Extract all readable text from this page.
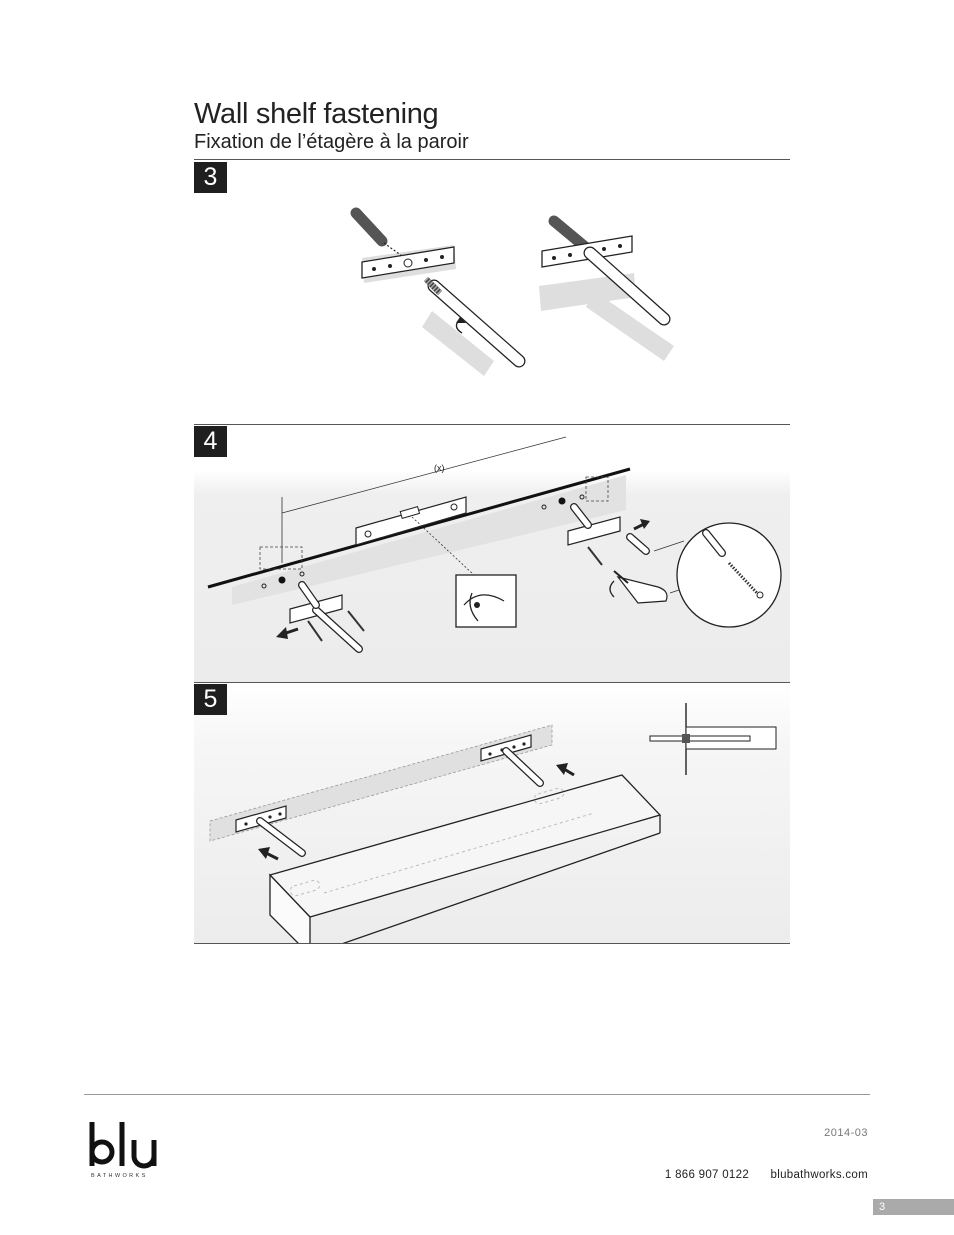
Wall shelf fastening
Fixation de l’étagère à la paroir
3
4
(x)
5
BATHWORKS
2014-03
1 866 907 0122 blubathworks.com
3
